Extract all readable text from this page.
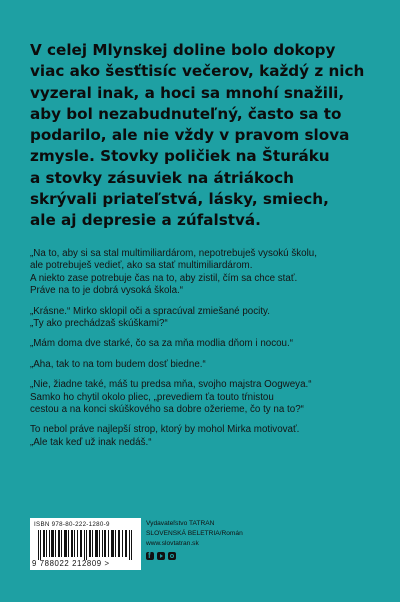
V celej Mlynskej doline bolo dokopy
viac ako šesťtisíc večerov, každý z nich
vyzeral inak, a hoci sa mnohí snažili,
aby bol nezabudnuteľný, často sa to
podarilo, ale nie vždy v pravom slova
zmysle. Stovky poličiek na Šturáku
a stovky zásuviek na átriákoch
skrývali priateľstvá, lásky, smiech,
ale aj depresie a zúfalstvá.

„Na to, aby si sa stal multimiliardárom, nepotrebuješ vysokú školu,
ale potrebuješ vedieť, ako sa stať multimiliardárom.
A niekto zase potrebuje čas na to, aby zistil, čím sa chce stať.
Práve na to je dobrá vysoká škola.“

„Krásne.“ Mirko sklopil oči a spracúval zmiešané pocity.
„Ty ako prechádzaš skúškami?“

„Mám doma dve starké, čo sa za mňa modlia dňom i nocou.“

„Aha, tak to na tom budem dosť biedne.“

„Nie, žiadne také, máš tu predsa mňa, svojho majstra Oogweya.“
Samko ho chytil okolo pliec, „prevediem ťa touto tŕnistou
cestou a na konci skúškového sa dobre ožerieme, čo ty na to?“

To nebol práve najlepší strop, ktorý by mohol Mirka motivovať.
„Ale tak keď už inak nedáš.“

ISBN 978-80-222-1280-9
9 788022 212809 >
Vydavateľstvo TATRAN
SLOVENSKÁ BELETRIA/Román
www.slovtatran.sk
f
